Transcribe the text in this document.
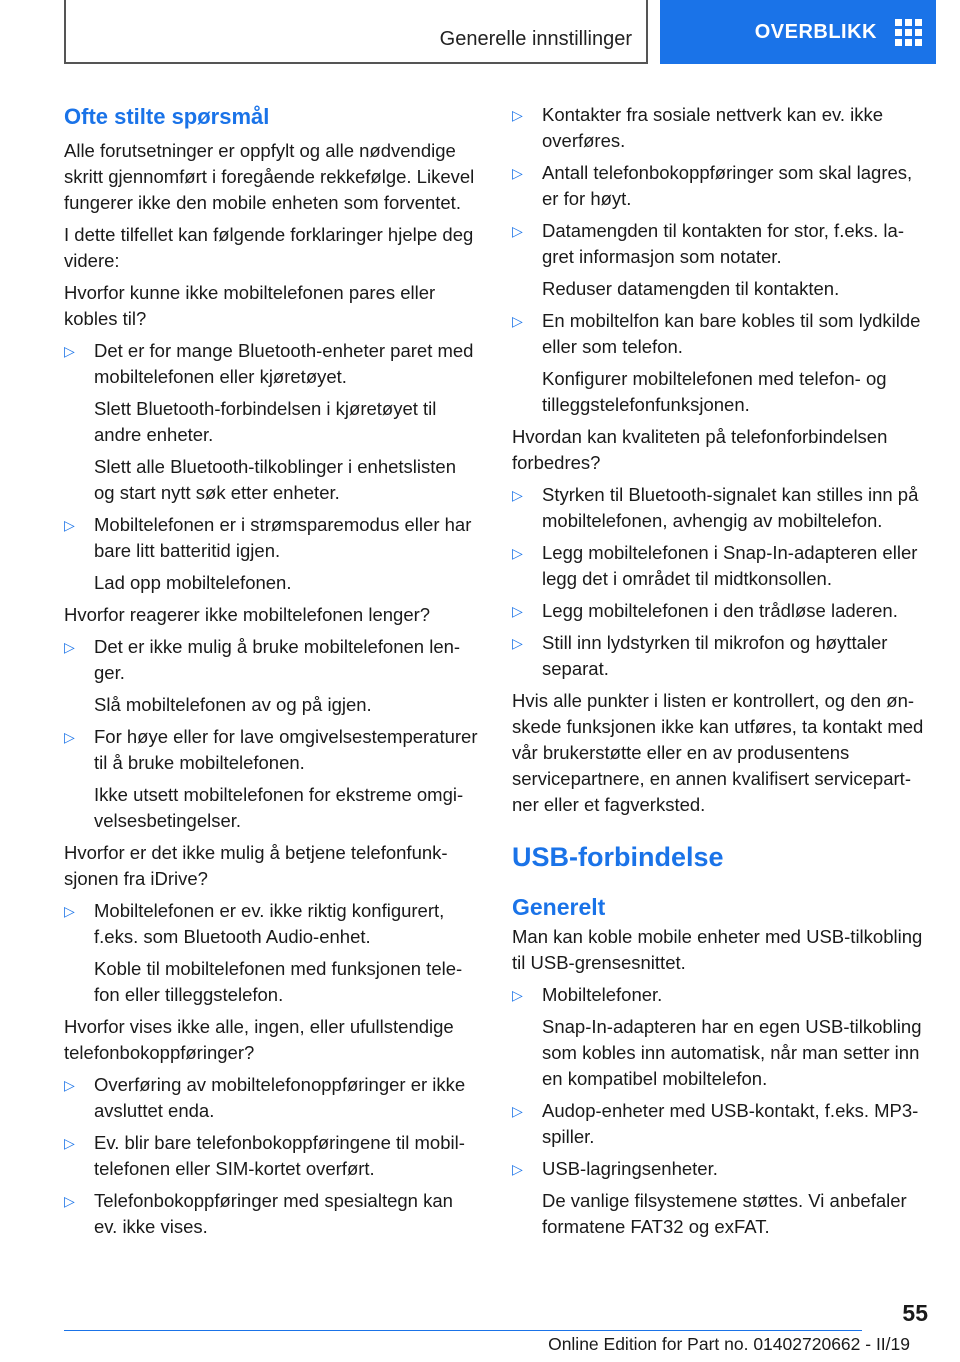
Generelle innstillinger	OVERBLIKK
Ofte stilte spørsmål

Alle forutsetninger er oppfylt og alle nødvendige skritt gjennomført i foregående rekkefølge. Likevel fungerer ikke den mobile enheten som forventet.

I dette tilfellet kan følgende forklaringer hjelpe deg videre:

Hvorfor kunne ikke mobiltelefonen pares eller kobles til?

▷ Det er for mange Bluetooth-enheter paret med mobiltelefonen eller kjøretøyet.
Slett Bluetooth-forbindelsen i kjøretøyet til andre enheter.
Slett alle Bluetooth-tilkoblinger i enhetslisten og start nytt søk etter enheter.
▷ Mobiltelefonen er i strømsparemodus eller har bare litt batteritid igjen.
Lad opp mobiltelefonen.

Hvorfor reagerer ikke mobiltelefonen lenger?

▷ Det er ikke mulig å bruke mobiltelefonen lenger.
Slå mobiltelefonen av og på igjen.
▷ For høye eller for lave omgivelsestemperaturer til å bruke mobiltelefonen.
Ikke utsett mobiltelefonen for ekstreme omgivelsesbetingelser.

Hvorfor er det ikke mulig å betjene telefonfunksjonen fra iDrive?

▷ Mobiltelefonen er ev. ikke riktig konfigurert, f.eks. som Bluetooth Audio-enhet.
Koble til mobiltelefonen med funksjonen telefon eller tilleggstelefon.

Hvorfor vises ikke alle, ingen, eller ufullstendige telefonbokoppføringer?

▷ Overføring av mobiltelefonoppføringer er ikke avsluttet enda.
▷ Ev. blir bare telefonbokoppføringene til mobiltelefonen eller SIM-kortet overført.
▷ Telefonbokoppføringer med spesialtegn kan ev. ikke vises.
▷ Kontakter fra sosiale nettverk kan ev. ikke overføres.
▷ Antall telefonbokoppføringer som skal lagres, er for høyt.
▷ Datamengden til kontakten for stor, f.eks. lagret informasjon som notater.
Reduser datamengden til kontakten.
▷ En mobiltelfon kan bare kobles til som lydkilde eller som telefon.
Konfigurer mobiltelefonen med telefon- og tilleggstelefonfunksjonen.

Hvordan kan kvaliteten på telefonforbindelsen forbedres?

▷ Styrken til Bluetooth-signalet kan stilles inn på mobiltelefonen, avhengig av mobiltelefon.
▷ Legg mobiltelefonen i Snap-In-adapteren eller legg det i området til midtkonsollen.
▷ Legg mobiltelefonen i den trådløse laderen.
▷ Still inn lydstyrken til mikrofon og høyttaler separat.

Hvis alle punkter i listen er kontrollert, og den ønskede funksjonen ikke kan utføres, ta kontakt med vår brukerstøtte eller en av produsentens servicepartnere, en annen kvalifisert servicepartner eller et fagverksted.

USB-forbindelse
Generelt

Man kan koble mobile enheter med USB-tilkobling til USB-grensesnittet.

▷ Mobiltelefoner.
Snap-In-adapteren har en egen USB-tilkobling som kobles inn automatisk, når man setter inn en kompatibel mobiltelefon.
▷ Audop-enheter med USB-kontakt, f.eks. MP3-spiller.
▷ USB-lagringsenheter.
De vanlige filsystemene støttes. Vi anbefaler formatene FAT32 og exFAT.
55
Online Edition for Part no. 01402720662 - II/19
